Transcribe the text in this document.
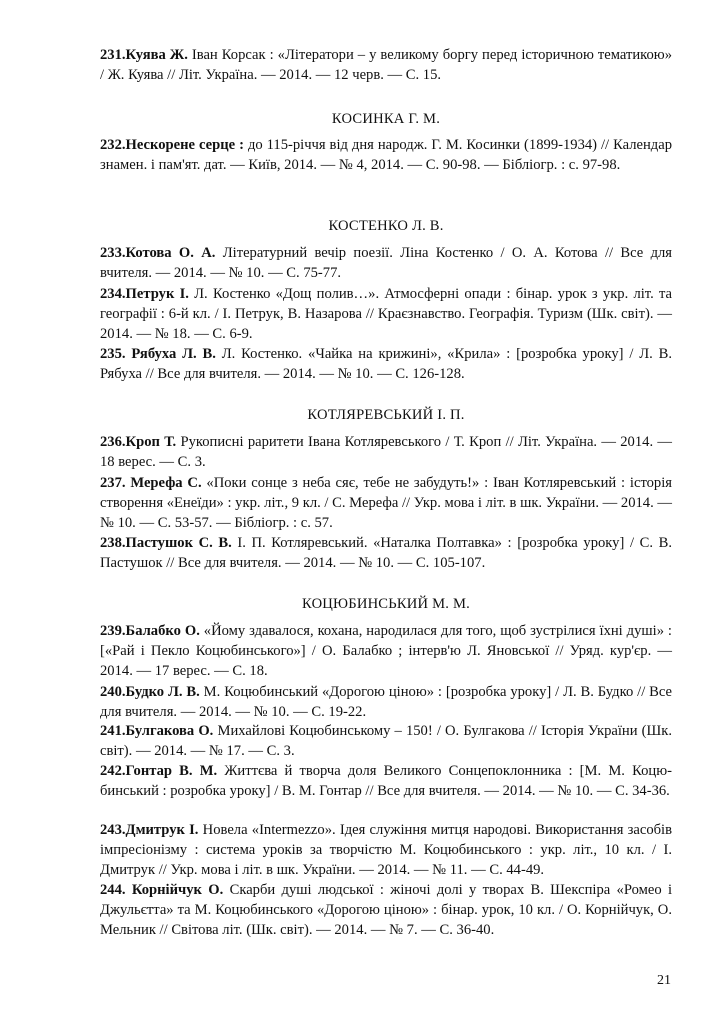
231.Куява Ж. Іван Корсак : «Літератори – у великому боргу перед історичною тематикою» / Ж. Куява // Літ. Україна. — 2014. — 12 черв. — С. 15.

КОСИНКА Г. М.

232.Нескорене серце : до 115-річчя від дня народж. Г. М. Косинки (1899-1934) // Календар знамен. і пам'ят. дат. — Київ, 2014. — № 4, 2014. — С. 90-98. — Бібліогр. : с. 97-98.

КОСТЕНКО Л. В.

233.Котова О. А. Літературний вечір поезії. Ліна Костенко / О. А. Котова // Все для вчителя. — 2014. — № 10. — С. 75-77.

234.Петрук І. Л. Костенко «Дощ полив…». Атмосферні опади : бінар. урок з укр. літ. та географії : 6-й кл. / І. Петрук, В. Назарова // Краєзнавство. Географія. Туризм (Шк. світ). — 2014. — № 18. — С. 6-9.

235. Рябуха Л. В. Л. Костенко. «Чайка на крижині», «Крила» : [розробка уроку] / Л. В. Рябуха // Все для вчителя. — 2014. — № 10. — С. 126-128.

КОТЛЯРЕВСЬКИЙ І. П.

236.Кроп Т. Рукописні раритети Івана Котляревського / Т. Кроп // Літ. Україна. — 2014. — 18 верес. — С. 3.

237. Мерефа С. «Поки сонце з неба сяє, тебе не забудуть!» : Іван Котляревський : історія створення «Енеїди» : укр. літ., 9 кл. / С. Мерефа // Укр. мова і літ. в шк. України. — 2014. — № 10. — С. 53-57. — Бібліогр. : с. 57.

238.Пастушок С. В. І. П. Котляревський. «Наталка Полтавка» : [розробка уроку] / С. В. Пастушок // Все для вчителя. — 2014. — № 10. — С. 105-107.

КОЦЮБИНСЬКИЙ М. М.

239.Балабко О. «Йому здавалося, кохана, народилася для того, щоб зустрілися їхні душі» : [«Рай і Пекло Коцюбинського»] / О. Балабко ; інтерв'ю Л. Яновської // Уряд. кур'єр. — 2014. — 17 верес. — С. 18.

240.Будко Л. В. М. Коцюбинський «Дорогою ціною» : [розробка уроку] / Л. В. Будко // Все для вчителя. — 2014. — № 10. — С. 19-22.

241.Булгакова О. Михайлові Коцюбинському – 150! / О. Булгакова // Історія України (Шк. світ). — 2014. — № 17. — С. 3.

242.Гонтар В. М. Життєва й творча доля Великого Сонцепоклонника : [М. М. Коцю-бинський : розробка уроку] / В. М. Гонтар // Все для вчителя. — 2014. — № 10. — С. 34-36.

243.Дмитрук І. Новела «Intermezzo». Ідея служіння митця народові. Використання засобів імпресіонізму : система уроків за творчістю М. Коцюбинського : укр. літ., 10 кл. / І. Дмитрук // Укр. мова і літ. в шк. України. — 2014. — № 11. — С. 44-49.

244. Корнійчук О. Скарби душі людської : жіночі долі у творах В. Шекспіра «Ромео і Джульєтта» та М. Коцюбинського «Дорогою ціною» : бінар. урок, 10 кл. / О. Корнійчук, О. Мельник // Світова літ. (Шк. світ). — 2014. — № 7. — С. 36-40.

21
